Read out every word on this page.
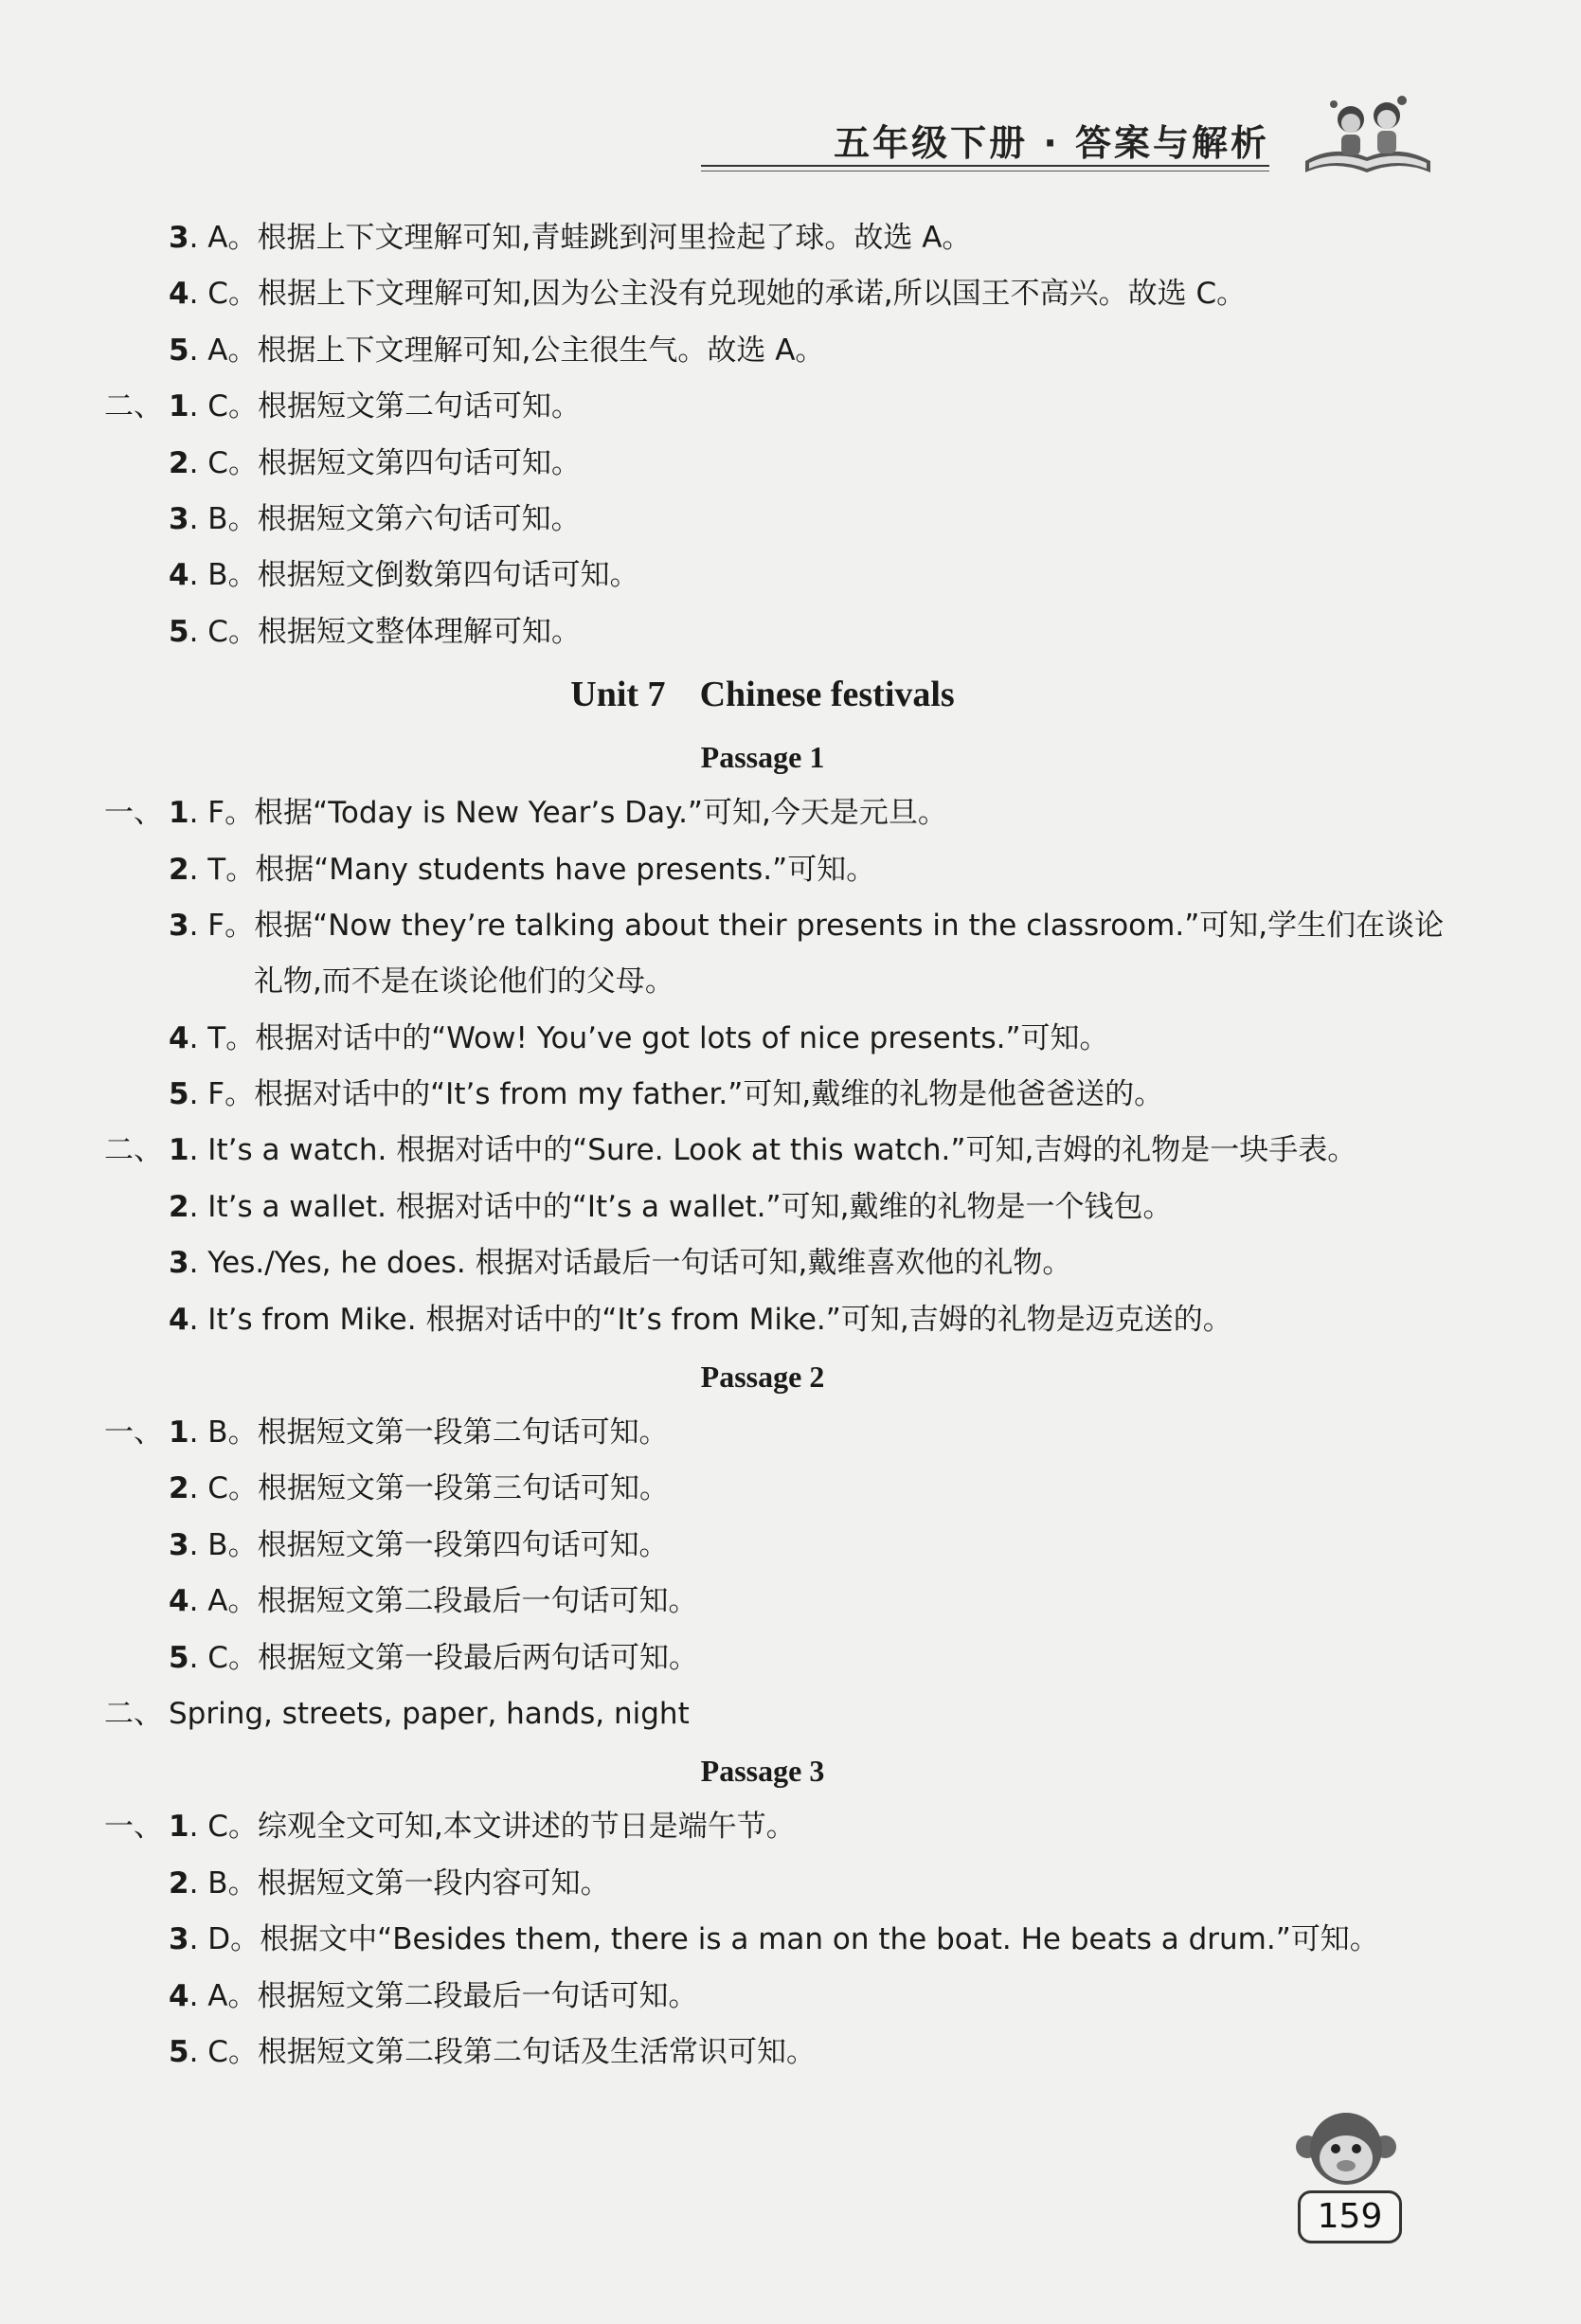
五年级下册 · 答案与解析
3. A。根据上下文理解可知,青蛙跳到河里捡起了球。故选 A。
4. C。根据上下文理解可知,因为公主没有兑现她的承诺,所以国王不高兴。故选 C。
5. A。根据上下文理解可知,公主很生气。故选 A。
二、 1. C。根据短文第二句话可知。
2. C。根据短文第四句话可知。
3. B。根据短文第六句话可知。
4. B。根据短文倒数第四句话可知。
5. C。根据短文整体理解可知。
Unit 7 Chinese festivals
Passage 1
一、 1. F。根据“Today is New Year’s Day.”可知,今天是元旦。
2. T。根据“Many students have presents.”可知。
3. F。根据“Now they’re talking about their presents in the classroom.”可知,学生们在谈论
礼物,而不是在谈论他们的父母。
4. T。根据对话中的“Wow! You’ve got lots of nice presents.”可知。
5. F。根据对话中的“It’s from my father.”可知,戴维的礼物是他爸爸送的。
二、 1. It’s a watch. 根据对话中的“Sure. Look at this watch.”可知,吉姆的礼物是一块手表。
2. It’s a wallet. 根据对话中的“It’s a wallet.”可知,戴维的礼物是一个钱包。
3. Yes./Yes, he does. 根据对话最后一句话可知,戴维喜欢他的礼物。
4. It’s from Mike. 根据对话中的“It’s from Mike.”可知,吉姆的礼物是迈克送的。
Passage 2
一、 1. B。根据短文第一段第二句话可知。
2. C。根据短文第一段第三句话可知。
3. B。根据短文第一段第四句话可知。
4. A。根据短文第二段最后一句话可知。
5. C。根据短文第一段最后两句话可知。
二、 Spring, streets, paper, hands, night
Passage 3
一、 1. C。综观全文可知,本文讲述的节日是端午节。
2. B。根据短文第一段内容可知。
3. D。根据文中“Besides them, there is a man on the boat. He beats a drum.”可知。
4. A。根据短文第二段最后一句话可知。
5. C。根据短文第二段第二句话及生活常识可知。
159
